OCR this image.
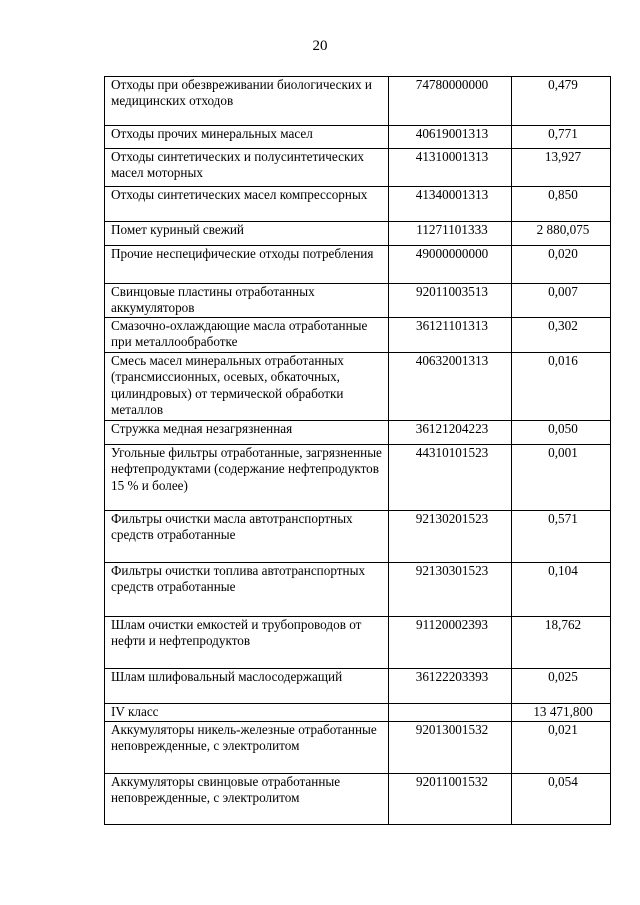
20
Отходы при обезвреживании биологических и медицинских отходов	74780000000	0,479
Отходы прочих минеральных масел	40619001313	0,771
Отходы синтетических и полусинтетических масел моторных	41310001313	13,927
Отходы синтетических масел компрессорных	41340001313	0,850
Помет куриный свежий	11271101333	2 880,075
Прочие неспецифические отходы потребления	49000000000	0,020
Свинцовые пластины отработанных аккумуляторов	92011003513	0,007
Смазочно-охлаждающие масла отработанные при металлообработке	36121101313	0,302
Смесь масел минеральных отработанных (трансмиссионных, осевых, обкаточных, цилиндровых) от термической обработки металлов	40632001313	0,016
Стружка медная незагрязненная	36121204223	0,050
Угольные фильтры отработанные, загрязненные нефтепродуктами (содержание нефтепродуктов 15 % и более)	44310101523	0,001
Фильтры очистки масла автотранспортных средств отработанные	92130201523	0,571
Фильтры очистки топлива автотранспортных средств отработанные	92130301523	0,104
Шлам очистки емкостей и трубопроводов от нефти и нефтепродуктов	91120002393	18,762
Шлам шлифовальный маслосодержащий	36122203393	0,025
IV класс		13 471,800
Аккумуляторы никель-железные отработанные неповрежденные, с электролитом	92013001532	0,021
Аккумуляторы свинцовые отработанные неповрежденные, с электролитом	92011001532	0,054
